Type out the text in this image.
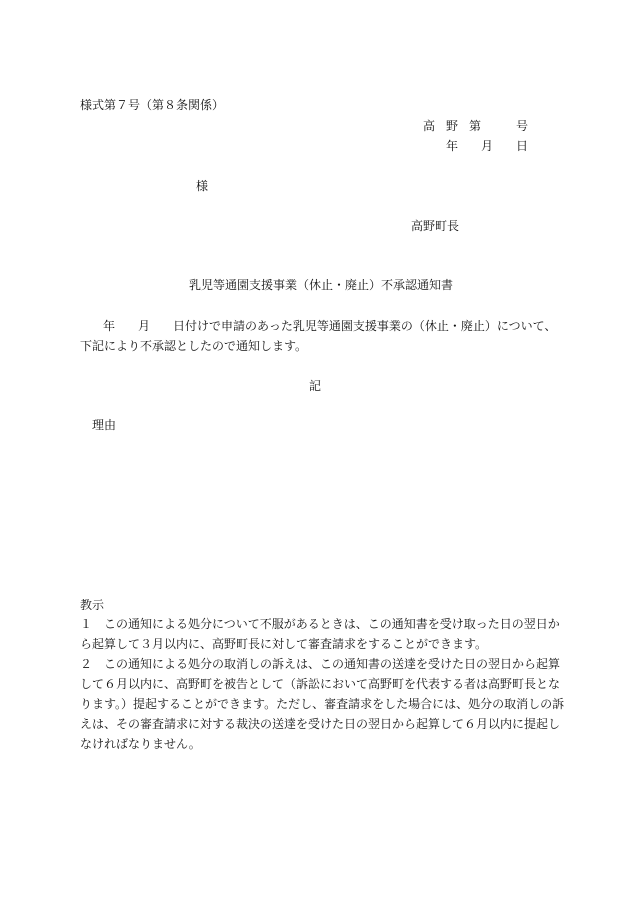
様式第７号（第８条関係）
高 野 第	号
年 月 日
様
高野町長
乳児等通園支援事業（休止・廃止）不承認通知書
年 月 日付けで申請のあった乳児等通園支援事業の（休止・廃止）について、
下記により不承認としたので通知します。
記
理由
教示
１　この通知による処分について不服があるときは、この通知書を受け取った日の翌日か
ら起算して３月以内に、高野町長に対して審査請求をすることができます。
２　この通知による処分の取消しの訴えは、この通知書の送達を受けた日の翌日から起算
して６月以内に、高野町を被告として（訴訟において高野町を代表する者は高野町長とな
ります。）提起することができます。ただし、審査請求をした場合には、処分の取消しの訴
えは、その審査請求に対する裁決の送達を受けた日の翌日から起算して６月以内に提起し
なければなりません。
